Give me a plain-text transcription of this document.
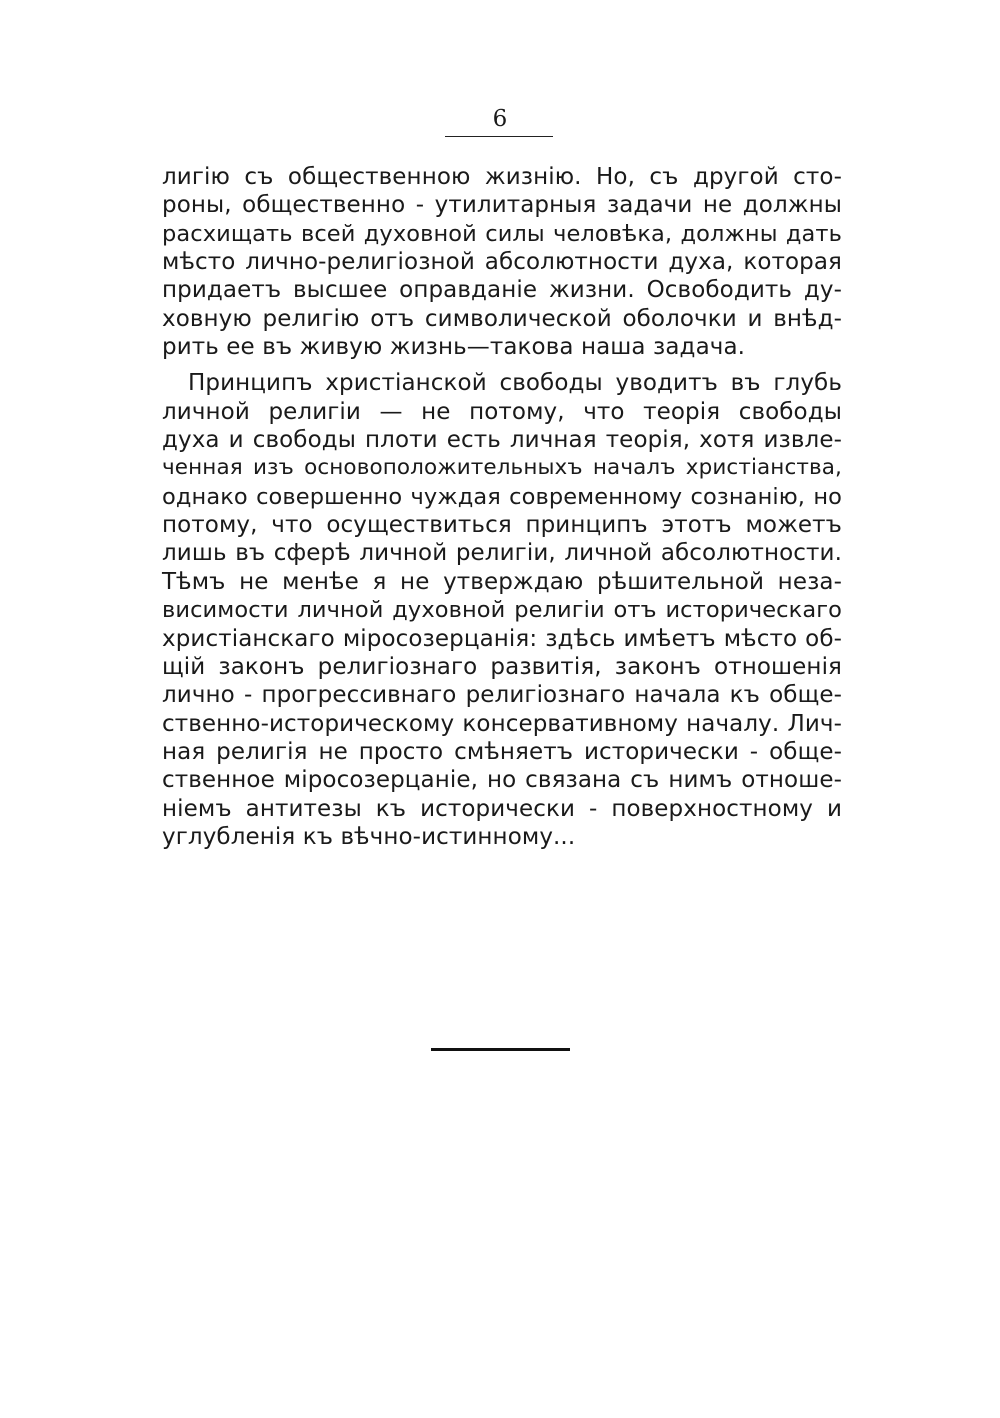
6
лигію съ общественною жизнію. Но, съ другой сто-
роны, общественно - утилитарныя задачи не должны
расхищать всей духовной силы человѣка, должны дать
мѣсто лично-религіозной абсолютности духа, которая
придаетъ высшее оправданіе жизни. Освободить ду-
ховную религію отъ символической оболочки и внѣд-
рить ее въ живую жизнь—такова наша задача.
Принципъ христіанской свободы уводитъ въ глубь
личной религіи — не потому, что теорія свободы
духа и свободы плоти есть личная теорія, хотя извле-
ченная изъ основоположительныхъ началъ христіанства,
однако совершенно чуждая современному сознанію, но
потому, что осуществиться принципъ этотъ можетъ
лишь въ сферѣ личной религіи, личной абсолютности.
Тѣмъ не менѣе я не утверждаю рѣшительной неза-
висимости личной духовной религіи отъ историческаго
христіанскаго міросозерцанія: здѣсь имѣетъ мѣсто об-
щій законъ религіознаго развитія, законъ отношенія
лично - прогрессивнаго религіознаго начала къ обще-
ственно-историческому консервативному началу. Лич-
ная религія не просто смѣняетъ исторически - обще-
ственное міросозерцаніе, но связана съ нимъ отноше-
ніемъ антитезы къ исторически - поверхностному и
углубленія къ вѣчно-истинному...
